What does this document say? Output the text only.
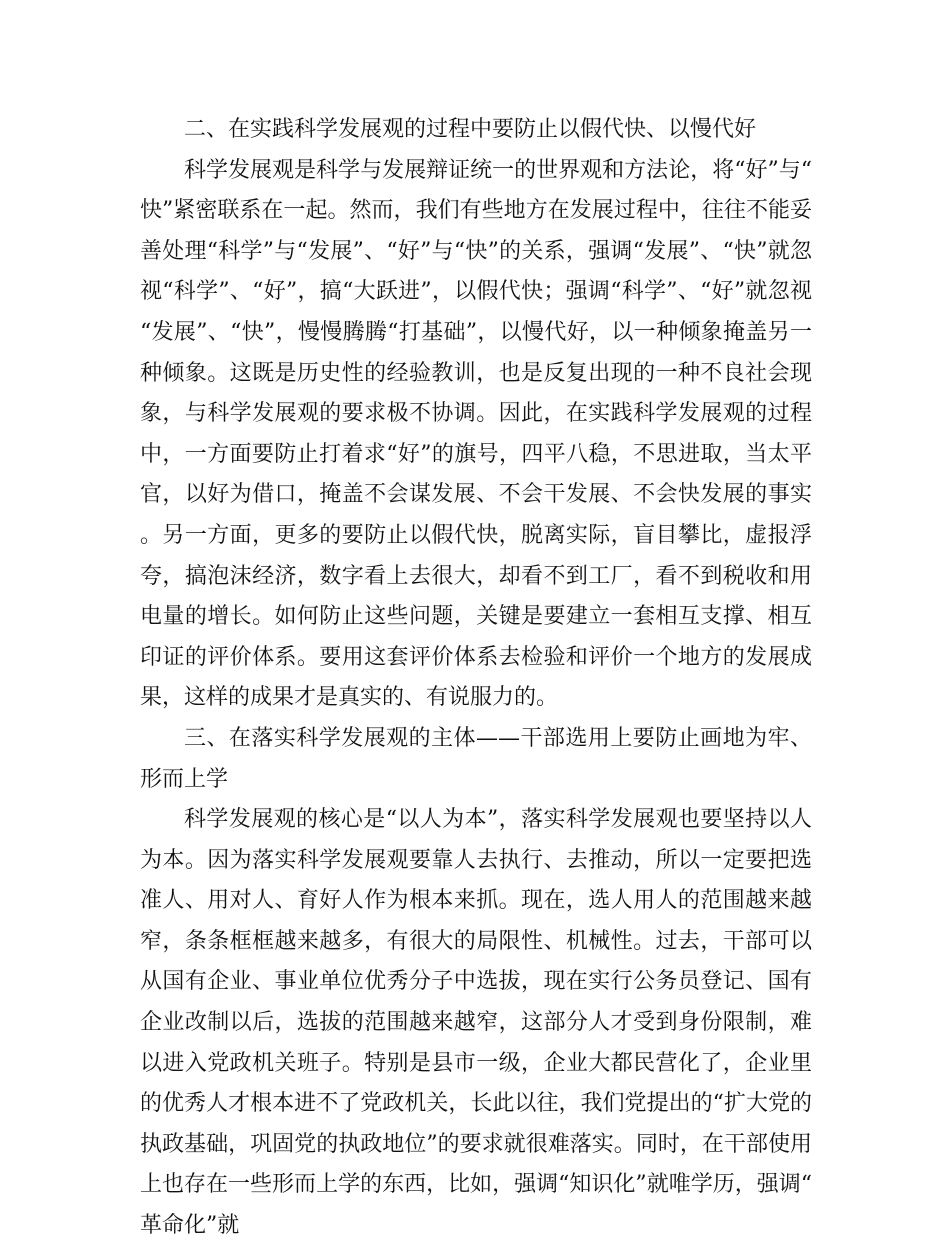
二、在实践科学发展观的过程中要防止以假代快、以慢代好

科学发展观是科学与发展辩证统一的世界观和方法论，将“好”与“快”紧密联系在一起。然而，我们有些地方在发展过程中，往往不能妥善处理“科学”与“发展”、“好”与“快”的关系，强调“发展”、“快”就忽视“科学”、“好”，搞“大跃进”，以假代快；强调“科学”、“好”就忽视“发展”、“快”，慢慢腾腾“打基础”，以慢代好，以一种倾象掩盖另一种倾象。这既是历史性的经验教训，也是反复出现的一种不良社会现象，与科学发展观的要求极不协调。因此，在实践科学发展观的过程中，一方面要防止打着求“好”的旗号，四平八稳，不思进取，当太平官，以好为借口，掩盖不会谋发展、不会干发展、不会快发展的事实。另一方面，更多的要防止以假代快，脱离实际，盲目攀比，虚报浮夸，搞泡沫经济，数字看上去很大，却看不到工厂，看不到税收和用电量的增长。如何防止这些问题，关键是要建立一套相互支撑、相互印证的评价体系。要用这套评价体系去检验和评价一个地方的发展成果，这样的成果才是真实的、有说服力的。

三、在落实科学发展观的主体——干部选用上要防止画地为牢、形而上学

科学发展观的核心是“以人为本”，落实科学发展观也要坚持以人为本。因为落实科学发展观要靠人去执行、去推动，所以一定要把选准人、用对人、育好人作为根本来抓。现在，选人用人的范围越来越窄，条条框框越来越多，有很大的局限性、机械性。过去，干部可以从国有企业、事业单位优秀分子中选拔，现在实行公务员登记、国有企业改制以后，选拔的范围越来越窄，这部分人才受到身份限制，难以进入党政机关班子。特别是县市一级，企业大都民营化了，企业里的优秀人才根本进不了党政机关，长此以往，我们党提出的“扩大党的执政基础，巩固党的执政地位”的要求就很难落实。同时，在干部使用上也存在一些形而上学的东西，比如，强调“知识化”就唯学历，强调“革命化”就
